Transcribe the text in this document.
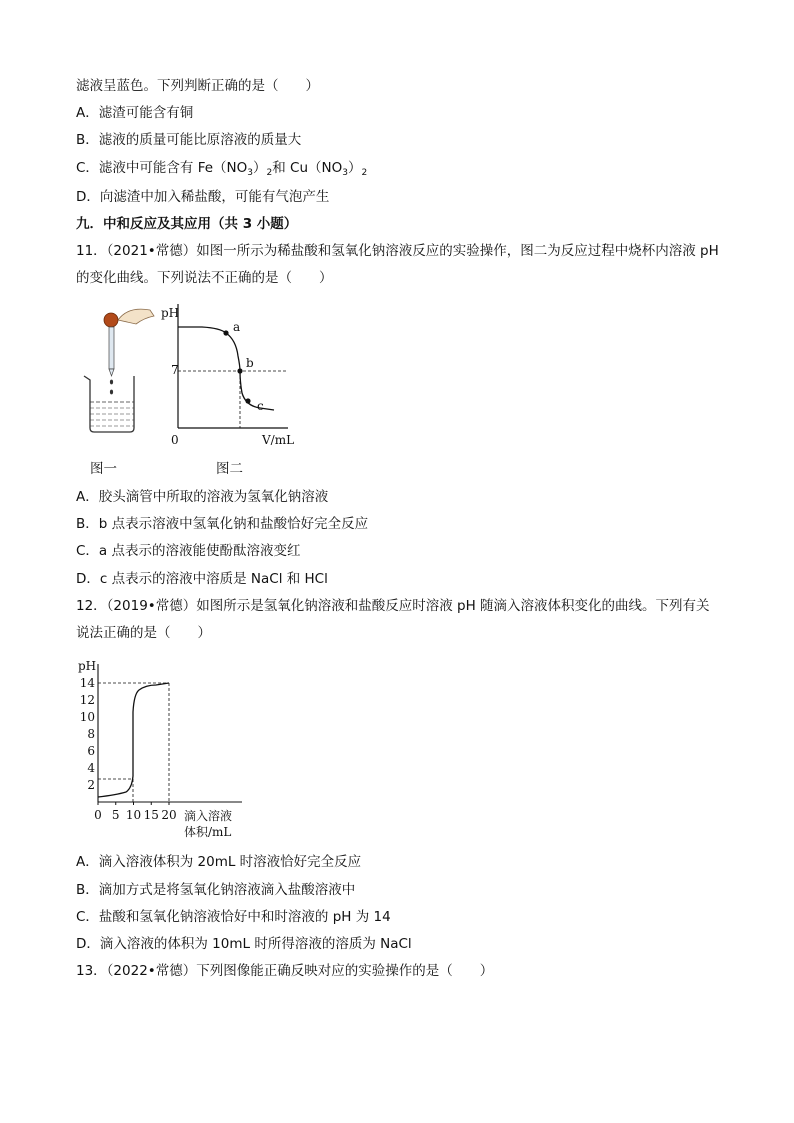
滤液呈蓝色。下列判断正确的是（　　）
A．滤渣可能含有铜
B．滤液的质量可能比原溶液的质量大
C．滤液中可能含有 $Fe(NO_3)_2$和 $Cu(NO_3)_2$
D．向滤渣中加入稀盐酸，可能有气泡产生
九．中和反应及其应用（共 3 小题）
11．（2021•常德）如图一所示为稀盐酸和氢氧化钠溶液反应的实验操作，图二为反应过程中烧杯内溶液 pH
的变化曲线。下列说法不正确的是（　　）
pH
7
0	V/mL
a
b
c
图一	图二
A．胶头滴管中所取的溶液为氢氧化钠溶液
B．b 点表示溶液中氢氧化钠和盐酸恰好完全反应
C．a 点表示的溶液能使酚酞溶液变红
D．c 点表示的溶液中溶质是 NaCl 和 HCl
12．（2019•常德）如图所示是氢氧化钠溶液和盐酸反应时溶液 pH 随滴入溶液体积变化的曲线。下列有关
说法正确的是（　　）
pH
14
12
10
8
6
4
2
0 5 10 15 20 滴入溶液
体积/mL
A．滴入溶液体积为 20mL 时溶液恰好完全反应
B．滴加方式是将氢氧化钠溶液滴入盐酸溶液中
C．盐酸和氢氧化钠溶液恰好中和时溶液的 pH 为 14
D．滴入溶液的体积为 10mL 时所得溶液的溶质为 NaCl
13．（2022•常德）下列图像能正确反映对应的实验操作的是（　　）
